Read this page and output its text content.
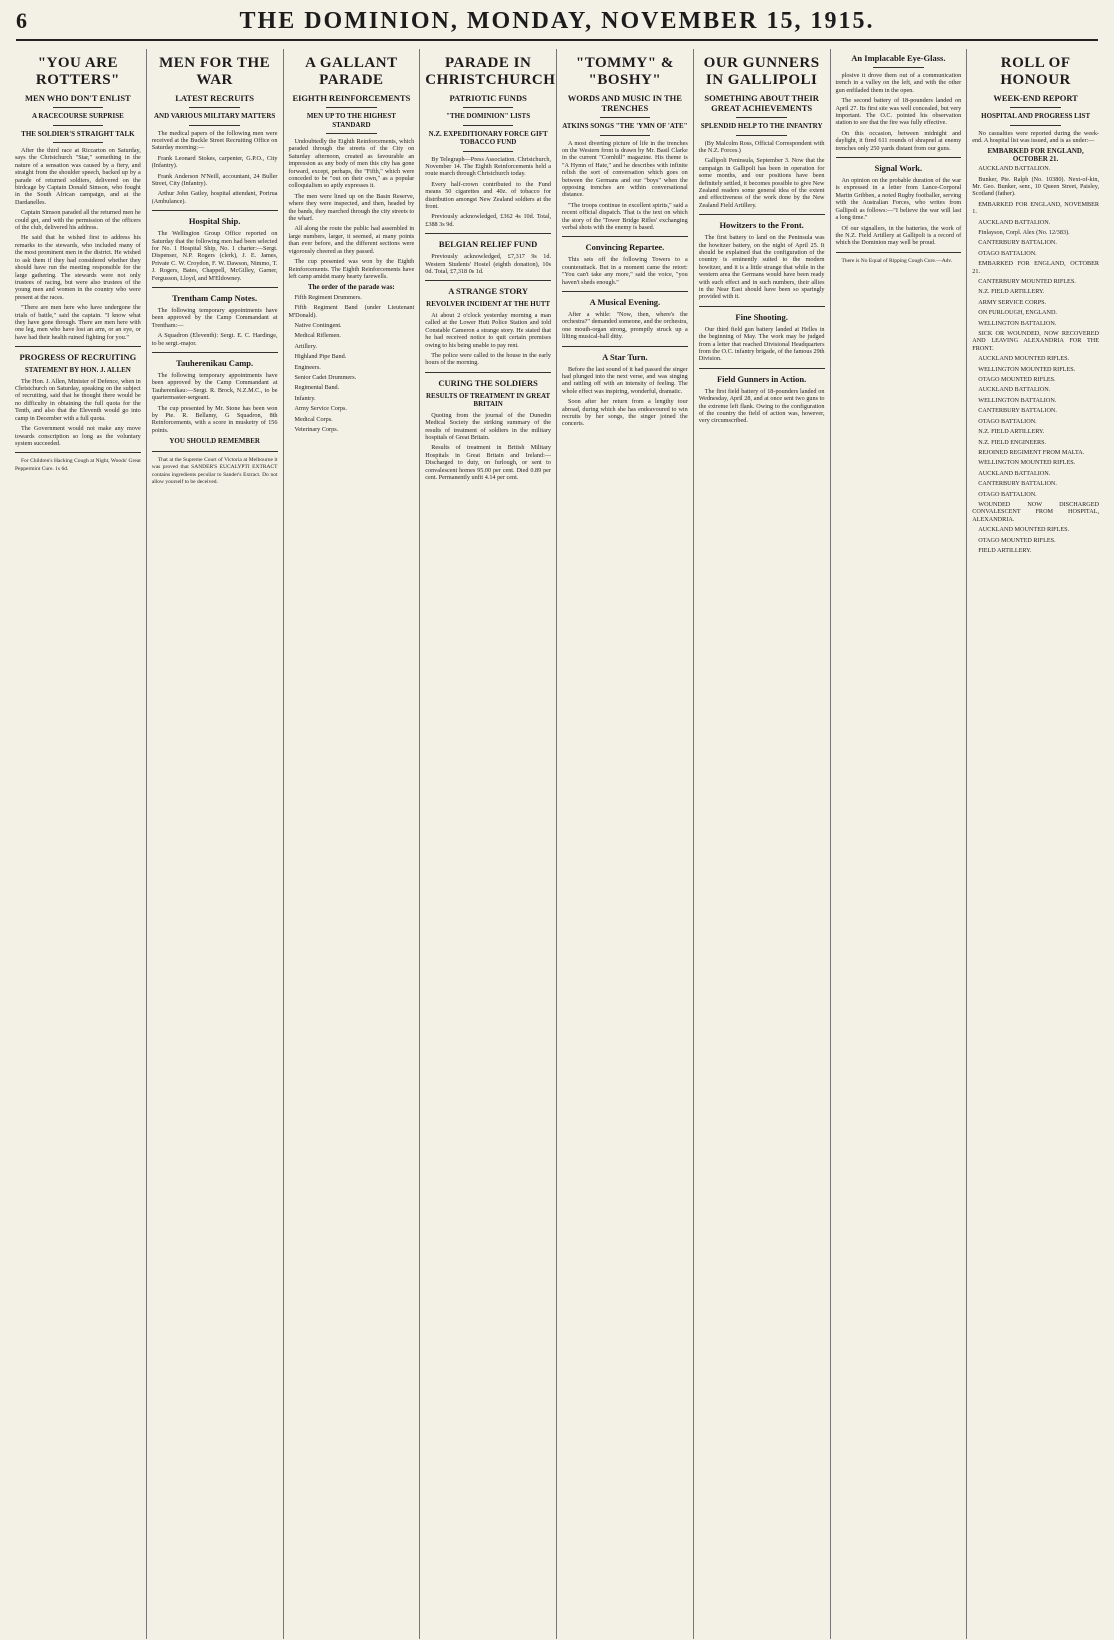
6	THE DOMINION, MONDAY, NOVEMBER 15, 1915.
"YOU ARE ROTTERS"
MEN WHO DON'T ENLIST
A RACECOURSE SURPRISE
THE SOLDIER'S STRAIGHT TALK

After the third race at Riccarton on Saturday, says the Christchurch "Star," something in the nature of a sensation was caused by a fiery, and straight from the shoulder speech, backed up by a parade of returned soldiers, delivered on the birdcage by Captain Donald Simson, who fought in the South African campaign, and at the Dardanelles.

Captain Simson paraded all the returned men he could get, and with the permission of the officers of the club, delivered his address.

He said that he wished first to address his remarks to the stewards, who included many of the most prominent men in the district. He wished to ask them if they had considered whether they should have run the meeting responsible for the large gathering. The stewards were not only trustees of racing, but were also trustees of the young men and women in the country who were present at the races.

"There are men here who have undergone the trials of battle," said the captain. "I know what they have gone through. There are men here with one leg, men who have lost an arm, or an eye, or have had their health ruined fighting for you."

PROGRESS OF RECRUITING
STATEMENT BY HON. J. ALLEN

The Hon. J. Allen, Minister of Defence, when in Christchurch on Saturday, speaking on the subject of recruiting, said that he thought there would be no difficulty in obtaining the full quota for the Tenth, and also that the Eleventh would go into camp in December with a full quota.

The Government would not make any move towards conscription so long as the voluntary system succeeded.

For Children's Hacking Cough at Night, Woods' Great Peppermint Cure. 1s 6d.

MEN FOR THE WAR
LATEST RECRUITS
AND VARIOUS MILITARY MATTERS

The medical papers of the following men were received at the Buckle Street Recruiting Office on Saturday morning:—

Frank Leonard Stokes, carpenter, G.P.O., City (Infantry).

Frank Anderson N'Neill, accountant, 24 Buller Street, City (Infantry).

Arthur John Gatley, hospital attendant, Porirua (Ambulance).

Hospital Ship.

The Wellington Group Office reported on Saturday that the following men had been selected for No. 1 Hospital Ship, No. 1 charter:—Sergt. Dispenser, N.P. Rogers (clerk), J. E. James, Private C. W. Croydon, F. W. Dawson, Nimmo, T. J. Rogers, Bates, Chappell, McGilley, Garner, Fergusson, Lloyd, and M'Eldowney.

Trentham Camp Notes.

The following temporary appointments have been approved by the Camp Commandant at Trentham:—

A Squadron (Eleventh): Sergt. E. C. Hardinge, to be sergt.-major.

Tauherenikau Camp.

The following temporary appointments have been approved by the Camp Commandant at Tauherenikau:—Sergt. R. Brock, N.Z.M.C., to be quartermaster-sergeant.

The cup presented by Mr. Stone has been won by Pte. R. Bellamy, G Squadron, 8th Reinforcements, with a score in musketry of 156 points.

YOU SHOULD REMEMBER

That at the Supreme Court of Victoria at Melbourne it was proved that SANDER'S EUCALYPTI EXTRACT contains ingredients peculiar to Sander's Extract. Do not allow yourself to be deceived.

A GALLANT PARADE
EIGHTH REINFORCEMENTS
MEN UP TO THE HIGHEST STANDARD

Undoubtedly the Eighth Reinforcements, which paraded through the streets of the City on Saturday afternoon, created as favourable an impression as any body of men this city has gone forward, except, perhaps, the "Fifth," which were conceded to be "out on their own," as a popular colloquialism so aptly expresses it.

The men were lined up on the Basin Reserve, where they were inspected, and then, headed by the bands, they marched through the city streets to the wharf.

All along the route the public had assembled in large numbers, larger, it seemed, at many points than ever before, and the different sections were vigorously cheered as they passed.

The cup presented was won by the Eighth Reinforcements. The Eighth Reinforcements have left camp amidst many hearty farewells.

The order of the parade was:

Fifth Regiment Drummers.

Fifth Regiment Band (under Lieutenant M'Donald).

Native Contingent.

Medical Riflemen.

Artillery.

Highland Pipe Band.

Engineers.

Senior Cadet Drummers.

Regimental Band.

Infantry.

Army Service Corps.

Medical Corps.

Veterinary Corps.

PARADE IN CHRISTCHURCH
PATRIOTIC FUNDS
"THE DOMINION" LISTS
N.Z. EXPEDITIONARY FORCE GIFT TOBACCO FUND

By Telegraph—Press Association. Christchurch, November 14. The Eighth Reinforcements held a route march through Christchurch today.

Every half-crown contributed to the Fund means 50 cigarettes and 40z. of tobacco for distribution amongst New Zealand soldiers at the front.

Previously acknowledged, £362 4s 10d. Total, £388 3s 9d.

BELGIAN RELIEF FUND

Previously acknowledged, £7,317 9s 1d. Western Students' Hostel (eighth donation), 10s 0d. Total, £7,318 0s 1d.

A STRANGE STORY
REVOLVER INCIDENT AT THE HUTT

At about 2 o'clock yesterday morning a man called at the Lower Hutt Police Station and told Constable Cameron a strange story. He stated that he had received notice to quit certain premises owing to his being unable to pay rent.

The police were called to the house in the early hours of the morning.

CURING THE SOLDIERS
RESULTS OF TREATMENT IN GREAT BRITAIN

Quoting from the journal of the Dunedin Medical Society the striking summary of the results of treatment of soldiers in the military hospitals of Great Britain.

Results of treatment in British Military Hospitals in Great Britain and Ireland:—Discharged to duty, on furlough, or sent to convalescent homes 95.00 per cent. Died 0.89 per cent. Permanently unfit 4.14 per cent.

"TOMMY" & "BOSHY"
WORDS AND MUSIC IN THE TRENCHES
ATKINS SONGS "THE 'YMN OF 'ATE"

A most diverting picture of life in the trenches on the Western front is drawn by Mr. Basil Clarke in the current "Cornhill" magazine. His theme is "A Hymn of Hate," and he describes with infinite relish the sort of conversation which goes on between the Germans and our "boys" when the opposing trenches are within conversational distance.

"The troops continue in excellent spirits," said a recent official dispatch. That is the text on which the story of the 'Tower Bridge Rifles' exchanging verbal shots with the enemy is based.

Convincing Repartee.

This sets off the following Towers to a counterattack. But in a moment came the retort: "You can't take any more," said the voice, "you haven't sheds enough."

A Musical Evening.

After a while: "Now, then, where's the orchestra?" demanded someone, and the orchestra, one mouth-organ strong, promptly struck up a lilting musical-hall ditty.

A Star Turn.

Before the last sound of it had passed the singer had plunged into the next verse, and was singing and rattling off with an intensity of feeling. The whole effect was inspiring, wonderful, dramatic.

Soon after her return from a lengthy tour abroad, during which she has endeavoured to win recruits by her songs, the singer joined the concerts.

OUR GUNNERS IN GALLIPOLI
SOMETHING ABOUT THEIR GREAT ACHIEVEMENTS
SPLENDID HELP TO THE INFANTRY

(By Malcolm Ross, Official Correspondent with the N.Z. Forces.)

Gallipoli Peninsula, September 3. Now that the campaign in Gallipoli has been in operation for some months, and our positions have been definitely settled, it becomes possible to give New Zealand readers some general idea of the extent and effectiveness of the work done by the New Zealand Field Artillery.

Howitzers to the Front.

The first battery to land on the Peninsula was the howitzer battery, on the night of April 25. It should be explained that the configuration of the country is eminently suited to the modern howitzer, and it is a little strange that while in the western area the Germans would have been ready with such effect and in such numbers, their allies in the Near East should have been so sparingly provided with it.

Fine Shooting.

Our third field gun battery landed at Helles in the beginning of May. The work may be judged from a letter that reached Divisional Headquarters from the O.C. infantry brigade, of the famous 29th Division.

Field Gunners in Action.

The first field battery of 18-pounders landed on Wednesday, April 28, and at once sent two guns to the extreme left flank. Owing to the configuration of the country the field of action was, however, very circumscribed.

An Implacable Eye-Glass.

plosive it drove them out of a communication trench in a valley on the left, and with the other gun enfiladed them in the open.

The second battery of 18-pounders landed on April 27. Its first site was well concealed, but very important. The O.C. pointed his observation station to see that the fire was fully effective.

On this occasion, between midnight and daylight, it fired 611 rounds of shrapnel at enemy trenches only 250 yards distant from our guns.

Signal Work.

An opinion on the probable duration of the war is expressed in a letter from Lance-Corporal Martin Gribben, a noted Rugby footballer, serving with the Australian Forces, who writes from Gallipoli as follows:—"I believe the war will last a long time."

Of our signallers, in the batteries, the work of the N.Z. Field Artillery at Gallipoli is a record of which the Dominion may well be proud.

There is No Equal of Ripping Cough Cure.—Adv.

ROLL OF HONOUR
WEEK-END REPORT
HOSPITAL AND PROGRESS LIST

No casualties were reported during the week-end. A hospital list was issued, and is as under:—

EMBARKED FOR ENGLAND, OCTOBER 21.

AUCKLAND BATTALION.

Bunker, Pte. Ralph (No. 10380). Next-of-kin, Mr. Geo. Bunker, senr., 10 Queen Street, Paisley, Scotland (father).

EMBARKED FOR ENGLAND, NOVEMBER 1.

AUCKLAND BATTALION.

Finlayson, Corpl. Alex (No. 12/383).

CANTERBURY BATTALION.

OTAGO BATTALION.

EMBARKED FOR ENGLAND, OCTOBER 21.

CANTERBURY MOUNTED RIFLES.

N.Z. FIELD ARTILLERY.

ARMY SERVICE CORPS.

ON FURLOUGH, ENGLAND.

WELLINGTON BATTALION.

SICK OR WOUNDED, NOW RECOVERED AND LEAVING ALEXANDRIA FOR THE FRONT.

AUCKLAND MOUNTED RIFLES.

WELLINGTON MOUNTED RIFLES.

OTAGO MOUNTED RIFLES.

AUCKLAND BATTALION.

WELLINGTON BATTALION.

CANTERBURY BATTALION.

OTAGO BATTALION.

N.Z. FIELD ARTILLERY.

N.Z. FIELD ENGINEERS.

REJOINED REGIMENT FROM MALTA.

WELLINGTON MOUNTED RIFLES.

AUCKLAND BATTALION.

CANTERBURY BATTALION.

OTAGO BATTALION.

WOUNDED NOW DISCHARGED CONVALESCENT FROM HOSPITAL, ALEXANDRIA.

AUCKLAND MOUNTED RIFLES.

OTAGO MOUNTED RIFLES.

FIELD ARTILLERY.
